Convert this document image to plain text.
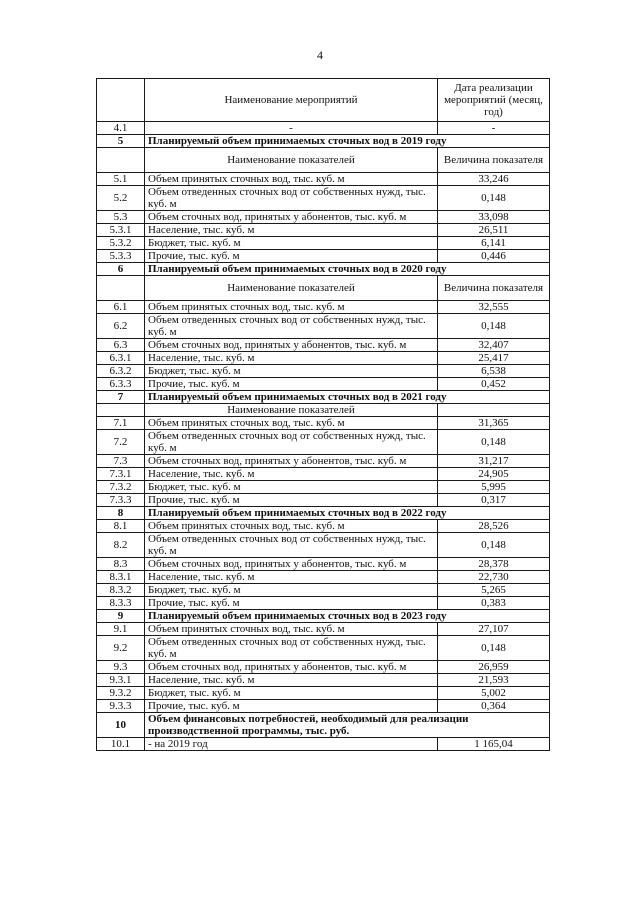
4
	Наименование мероприятий	Дата реализации мероприятий (месяц, год)
4.1	-	-
5	Планируемый объем принимаемых сточных вод в 2019 году	
	Наименование показателей	Величина показателя
5.1	Объем принятых сточных вод, тыс. куб. м	33,246
5.2	Объем отведенных сточных вод от собственных нужд, тыс. куб. м	0,148
5.3	Объем сточных вод, принятых у абонентов, тыс. куб. м	33,098
5.3.1	Население, тыс. куб. м	26,511
5.3.2	Бюджет, тыс. куб. м	6,141
5.3.3	Прочие, тыс. куб. м	0,446
6	Планируемый объем принимаемых сточных вод в 2020 году	
	Наименование показателей	Величина показателя
6.1	Объем принятых сточных вод, тыс. куб. м	32,555
6.2	Объем отведенных сточных вод от собственных нужд, тыс. куб. м	0,148
6.3	Объем сточных вод, принятых у абонентов, тыс. куб. м	32,407
6.3.1	Население, тыс. куб. м	25,417
6.3.2	Бюджет, тыс. куб. м	6,538
6.3.3	Прочие, тыс. куб. м	0,452
7	Планируемый объем принимаемых сточных вод в 2021 году	
	Наименование показателей	
7.1	Объем принятых сточных вод, тыс. куб. м	31,365
7.2	Объем отведенных сточных вод от собственных нужд, тыс. куб. м	0,148
7.3	Объем сточных вод, принятых у абонентов, тыс. куб. м	31,217
7.3.1	Население, тыс. куб. м	24,905
7.3.2	Бюджет, тыс. куб. м	5,995
7.3.3	Прочие, тыс. куб. м	0,317
8	Планируемый объем принимаемых сточных вод в 2022 году	
8.1	Объем принятых сточных вод, тыс. куб. м	28,526
8.2	Объем отведенных сточных вод от собственных нужд, тыс. куб. м	0,148
8.3	Объем сточных вод, принятых у абонентов, тыс. куб. м	28,378
8.3.1	Население, тыс. куб. м	22,730
8.3.2	Бюджет, тыс. куб. м	5,265
8.3.3	Прочие, тыс. куб. м	0,383
9	Планируемый объем принимаемых сточных вод в 2023 году	
9.1	Объем принятых сточных вод, тыс. куб. м	27,107
9.2	Объем отведенных сточных вод от собственных нужд, тыс. куб. м	0,148
9.3	Объем сточных вод, принятых у абонентов, тыс. куб. м	26,959
9.3.1	Население, тыс. куб. м	21,593
9.3.2	Бюджет, тыс. куб. м	5,002
9.3.3	Прочие, тыс. куб. м	0,364
10	Объем финансовых потребностей, необходимый для реализации производственной программы, тыс. руб.	
10.1	- на 2019 год	1 165,04
